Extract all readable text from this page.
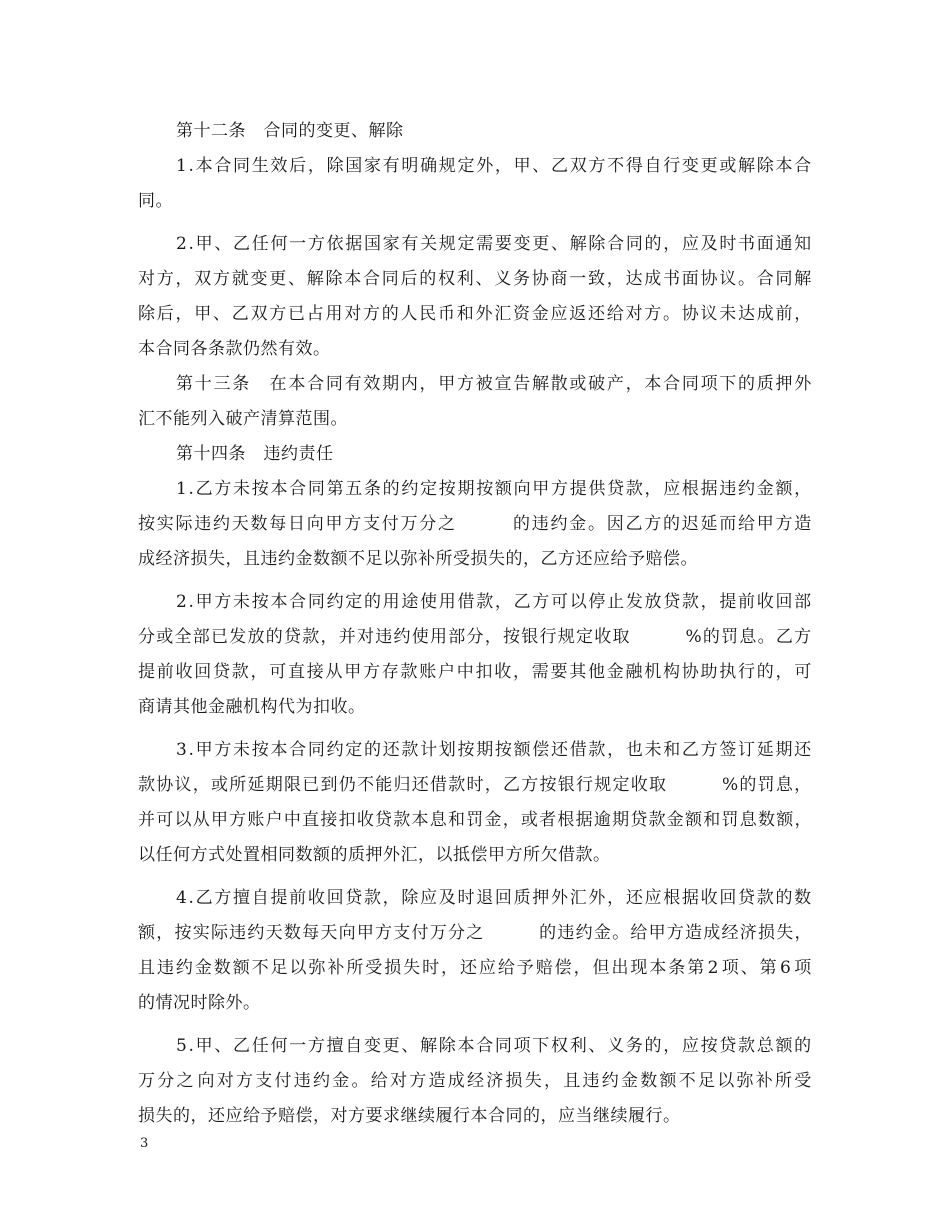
第十二条　合同的变更、解除
1 . 本 合 同 生 效 后 ， 除 国 家 有 明 确 规 定 外 ， 甲 、 乙 双 方 不 得 自 行 变 更 或 解 除 本 合
同。
2 . 甲 、 乙 任 何 一 方 依 据 国 家 有 关 规 定 需 要 变 更 、 解 除 合 同 的 ， 应 及 时 书 面 通 知
对 方 ， 双 方 就 变 更 、 解 除 本 合 同 后 的 权 利 、 义 务 协 商 一 致 ， 达 成 书 面 协 议 。 合 同 解
除 后 ， 甲 、 乙 双 方 已 占 用 对 方 的 人 民 币 和 外 汇 资 金 应 返 还 给 对 方 。 协 议 未 达 成 前 ，
本合同各条款仍然有效。
第 十 三 条
　 在 本 合 同 有 效 期 内 ， 甲 方 被 宣 告 解 散 或 破 产 ， 本 合 同 项 下 的 质 押 外
汇不能列入破产清算范围。
第十四条　违约责任
1 . 乙 方 未 按 本 合 同 第 五 条 的 约 定 按 期 按 额 向 甲 方 提 供 贷 款 ， 应 根 据 违 约 金 额 ，
按 实 际 违 约 天 数 每 日 向 甲 方 支 付 万 分 之

　	的 违 约 金 。 因 乙 方 的 迟 延 而 给 甲 方 造
成经济损失，且违约金数额不足以弥补所受损失的，乙方还应给予赔偿。
2 . 甲 方 未 按 本 合 同 约 定 的 用 途 使 用 借 款 ， 乙 方 可 以 停 止 发 放 贷 款 ， 提 前 收 回 部
分 或 全 部 已 发 放 的 贷 款 ， 并 对 违 约 使 用 部 分 ， 按 银 行 规 定 收 取

　	% 的 罚 息 。 乙 方
提 前 收 回 贷 款 ， 可 直 接 从 甲 方 存 款 账 户 中 扣 收 ， 需 要 其 他 金 融 机 构 协 助 执 行 的 ， 可
商请其他金融机构代为扣收。
3 . 甲 方 未 按 本 合 同 约 定 的 还 款 计 划 按 期 按 额 偿 还 借 款 ， 也 未 和 乙 方 签 订 延 期 还
款 协 议 ， 或 所 延 期 限 已 到 仍 不 能 归 还 借 款 时 ， 乙 方 按 银 行 规 定 收 取

　	% 的 罚 息 ，
并 可 以 从 甲 方 账 户 中 直 接 扣 收 贷 款 本 息 和 罚 金 ， 或 者 根 据 逾 期 贷 款 金 额 和 罚 息 数 额 ，
以任何方式处置相同数额的质押外汇，以抵偿甲方所欠借款。
4 . 乙 方 擅 自 提 前 收 回 贷 款 ， 除 应 及 时 退 回 质 押 外 汇 外 ， 还 应 根 据 收 回 贷 款 的 数
额 ， 按 实 际 违 约 天 数 每 天 向 甲 方 支 付 万 分 之

　	的 违 约 金 。 给 甲 方 造 成 经 济 损 失 ，
且 违 约 金 数 额 不 足 以 弥 补 所 受 损 失 时 ， 还 应 给 予 赔 偿 ， 但 出 现 本 条 第 2 项 、 第 6 项
的情况时除外。
5 . 甲 、 乙 任 何 一 方 擅 自 变 更 、 解 除 本 合 同 项 下 权 利 、 义 务 的 ， 应 按 贷 款 总 额 的
万 分 之 向 对 方 支 付 违 约 金 。 给 对 方 造 成 经 济 损 失 ， 且 违 约 金 数 额 不 足 以 弥 补 所 受
损失的，还应给予赔偿，对方要求继续履行本合同的，应当继续履行。
3
